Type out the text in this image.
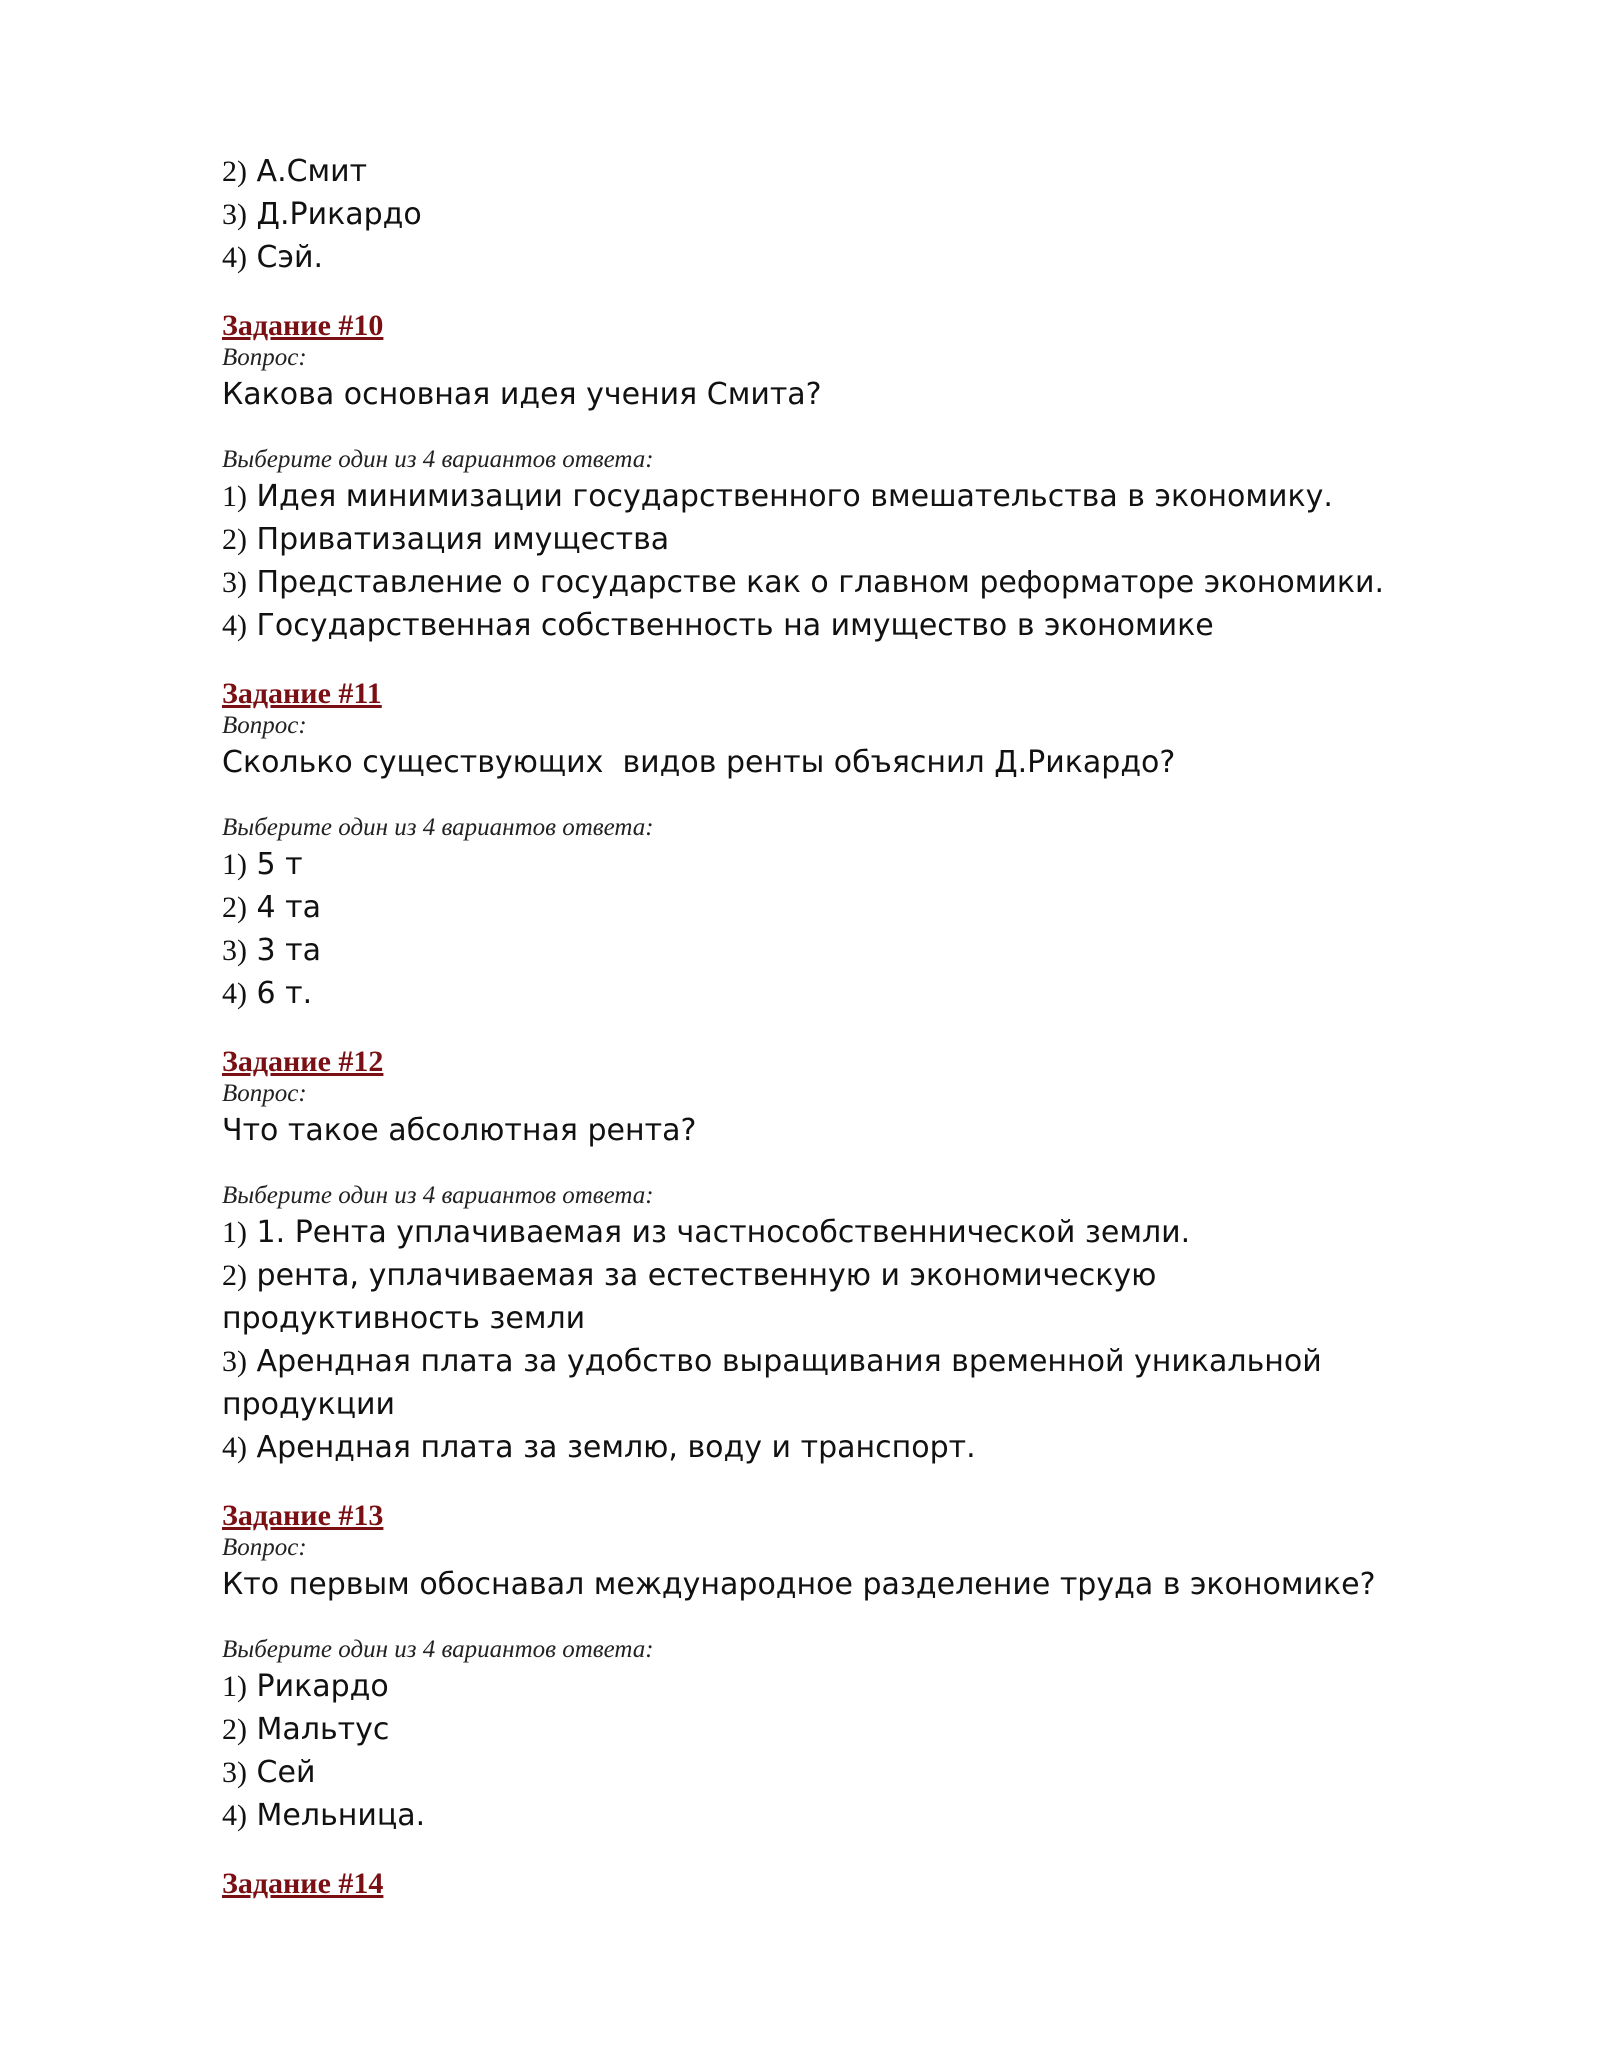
2) А.Смит
3) Д.Рикардо
4) Сэй.
Задание #10
Вопрос:
Какова основная идея учения Смита?
Выберите один из 4 вариантов ответа:
1) Идея минимизации государственного вмешательства в экономику.
2) Приватизация имущества
3) Представление о государстве как о главном реформаторе экономики.
4) Государственная собственность на имущество в экономике
Задание #11
Вопрос:
Сколько существующих  видов ренты объяснил Д.Рикардо?
Выберите один из 4 вариантов ответа:
1) 5 т
2) 4 та
3) 3 та
4) 6 т.
Задание #12
Вопрос:
Что такое абсолютная рента?
Выберите один из 4 вариантов ответа:
1) 1. Рента уплачиваемая из частнособственнической земли.
2) рента, уплачиваемая за естественную и экономическую продуктивность земли
3) Арендная плата за удобство выращивания временной уникальной продукции
4) Арендная плата за землю, воду и транспорт.
Задание #13
Вопрос:
Кто первым обоснавал международное разделение труда в экономике?
Выберите один из 4 вариантов ответа:
1) Рикардо
2) Мальтус
3) Сей
4) Мельница.
Задание #14
